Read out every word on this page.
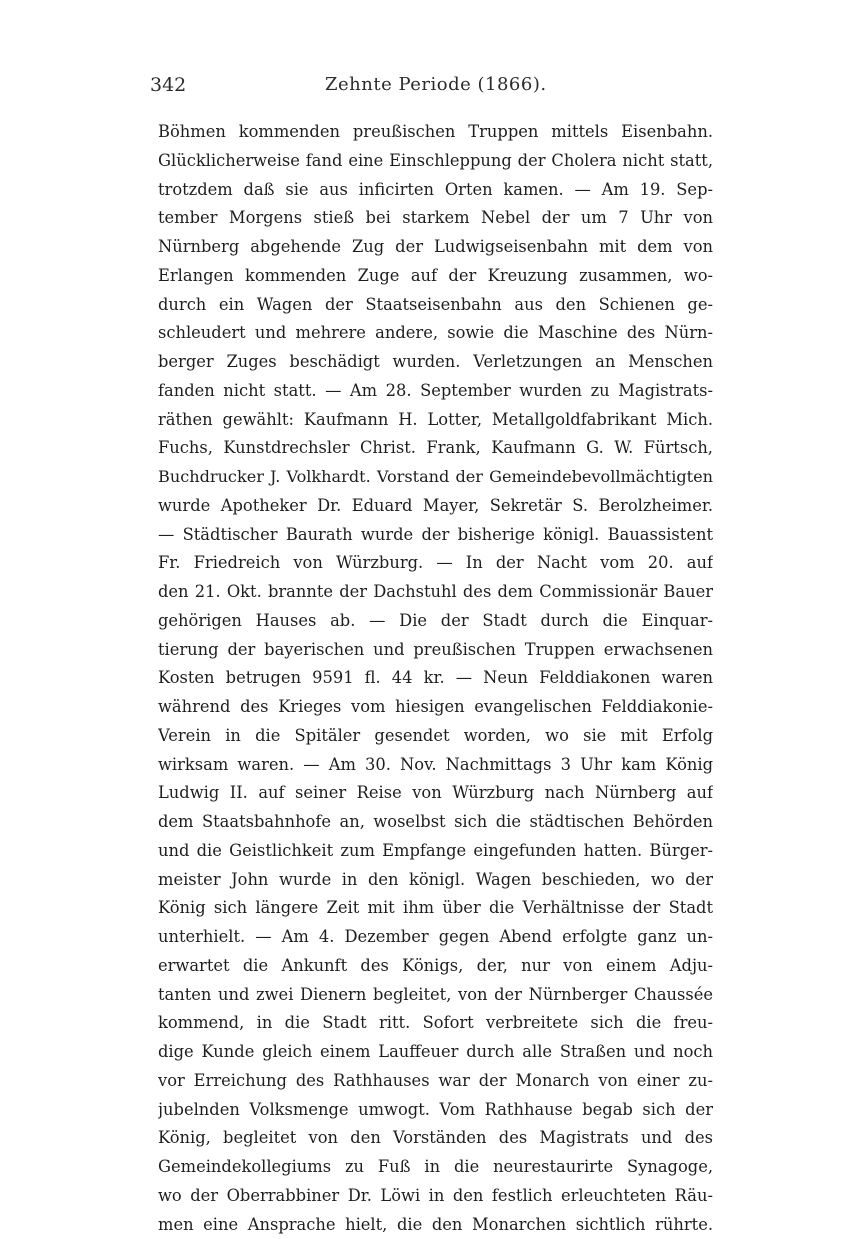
342	Zehnte Periode (1866).
Böhmen kommenden preußischen Truppen mittels Eisenbahn.
Glücklicherweise fand eine Einschleppung der Cholera nicht statt,
trotzdem daß sie aus inficirten Orten kamen. — Am 19. Sep-
tember Morgens stieß bei starkem Nebel der um 7 Uhr von
Nürnberg abgehende Zug der Ludwigseisenbahn mit dem von
Erlangen kommenden Zuge auf der Kreuzung zusammen, wo-
durch ein Wagen der Staatseisenbahn aus den Schienen ge-
schleudert und mehrere andere, sowie die Maschine des Nürn-
berger Zuges beschädigt wurden. Verletzungen an Menschen
fanden nicht statt. — Am 28. September wurden zu Magistrats-
räthen gewählt: Kaufmann H. Lotter, Metallgoldfabrikant Mich.
Fuchs, Kunstdrechsler Christ. Frank, Kaufmann G. W. Fürtsch,
Buchdrucker J. Volkhardt. Vorstand der Gemeindebevollmächtigten
wurde Apotheker Dr. Eduard Mayer, Sekretär S. Berolzheimer.
— Städtischer Baurath wurde der bisherige königl. Bauassistent
Fr. Friedreich von Würzburg. — In der Nacht vom 20. auf
den 21. Okt. brannte der Dachstuhl des dem Commissionär Bauer
gehörigen Hauses ab. — Die der Stadt durch die Einquar-
tierung der bayerischen und preußischen Truppen erwachsenen
Kosten betrugen 9591 fl. 44 kr. — Neun Felddiakonen waren
während des Krieges vom hiesigen evangelischen Felddiakonie-
Verein in die Spitäler gesendet worden, wo sie mit Erfolg
wirksam waren. — Am 30. Nov. Nachmittags 3 Uhr kam König
Ludwig II. auf seiner Reise von Würzburg nach Nürnberg auf
dem Staatsbahnhofe an, woselbst sich die städtischen Behörden
und die Geistlichkeit zum Empfange eingefunden hatten. Bürger-
meister John wurde in den königl. Wagen beschieden, wo der
König sich längere Zeit mit ihm über die Verhältnisse der Stadt
unterhielt. — Am 4. Dezember gegen Abend erfolgte ganz un-
erwartet die Ankunft des Königs, der, nur von einem Adju-
tanten und zwei Dienern begleitet, von der Nürnberger Chaussée
kommend, in die Stadt ritt. Sofort verbreitete sich die freu-
dige Kunde gleich einem Lauffeuer durch alle Straßen und noch
vor Erreichung des Rathhauses war der Monarch von einer zu-
jubelnden Volksmenge umwogt. Vom Rathhause begab sich der
König, begleitet von den Vorständen des Magistrats und des
Gemeindekollegiums zu Fuß in die neurestaurirte Synagoge,
wo der Oberrabbiner Dr. Löwi in den festlich erleuchteten Räu-
men eine Ansprache hielt, die den Monarchen sichtlich rührte.
